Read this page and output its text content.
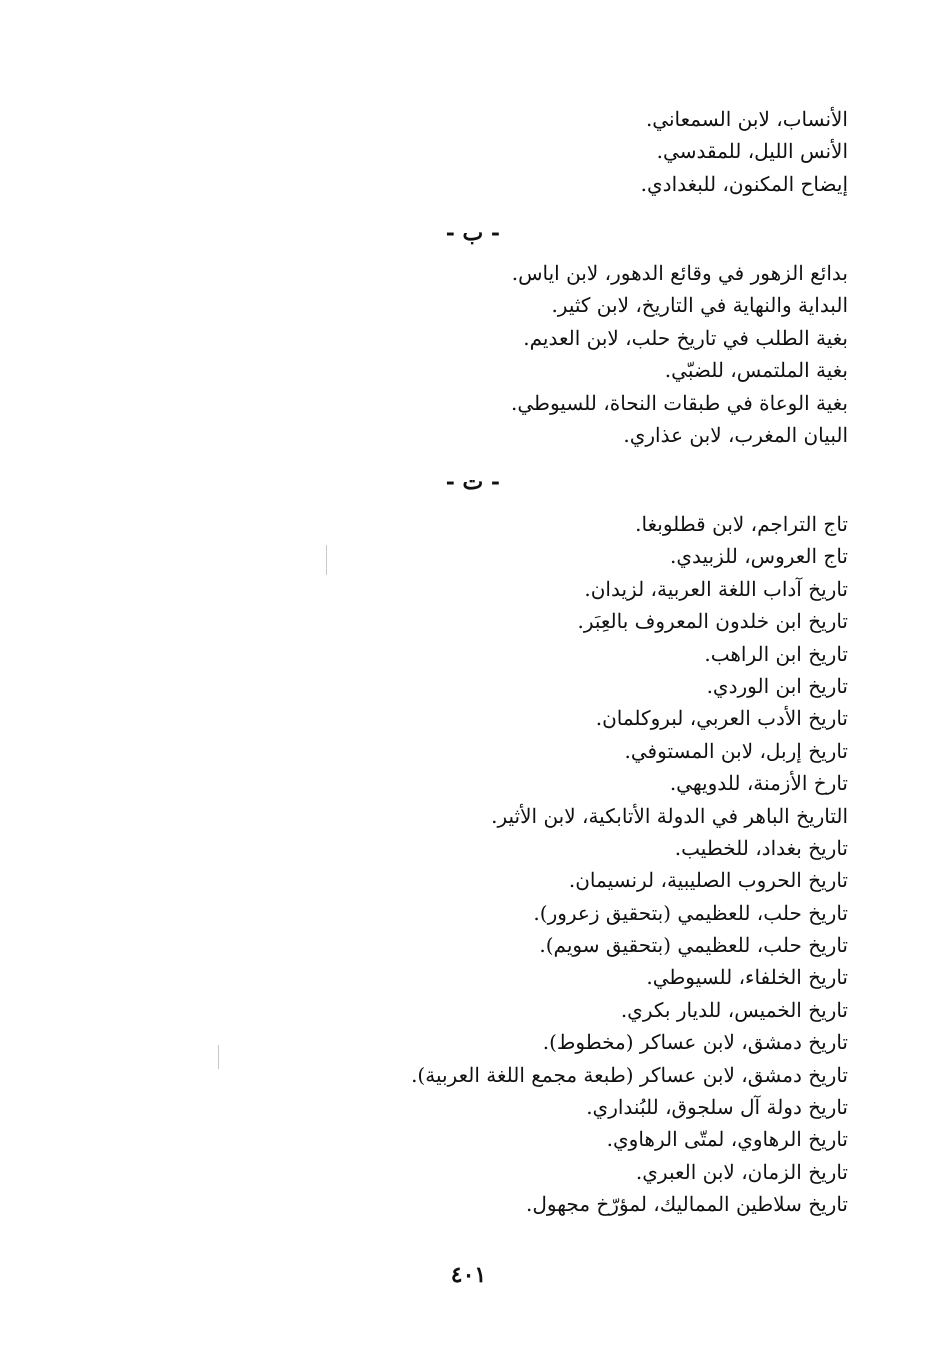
الأنساب، لابن السمعاني.
الأنس الليل، للمقدسي.
إيضاح المكنون، للبغدادي.
- ب -
بدائع الزهور في وقائع الدهور، لابن اياس.
البداية والنهاية في التاريخ، لابن كثير.
بغية الطلب في تاريخ حلب، لابن العديم.
بغية الملتمس، للضبّي.
بغية الوعاة في طبقات النحاة، للسيوطي.
البيان المغرب، لابن عذاري.
- ت -
تاج التراجم، لابن قطلوبغا.
تاج العروس، للزبيدي.
تاريخ آداب اللغة العربية، لزيدان.
تاريخ ابن خلدون المعروف بالعِبَر.
تاريخ ابن الراهب.
تاريخ ابن الوردي.
تاريخ الأدب العربي، لبروكلمان.
تاريخ إربل، لابن المستوفي.
تارخ الأزمنة، للدويهي.
التاريخ الباهر في الدولة الأتابكية، لابن الأثير.
تاريخ بغداد، للخطيب.
تاريخ الحروب الصليبية، لرنسيمان.
تاريخ حلب، للعظيمي (بتحقيق زعرور).
تاريخ حلب، للعظيمي (بتحقيق سويم).
تاريخ الخلفاء، للسيوطي.
تاريخ الخميس، للديار بكري.
تاريخ دمشق، لابن عساكر (مخطوط).
تاريخ دمشق، لابن عساكر (طبعة مجمع اللغة العربية).
تاريخ دولة آل سلجوق، للبُنداري.
تاريخ الرهاوي، لمتّى الرهاوي.
تاريخ الزمان، لابن العبري.
تاريخ سلاطين المماليك، لمؤرّخ مجهول.
٤٠١
